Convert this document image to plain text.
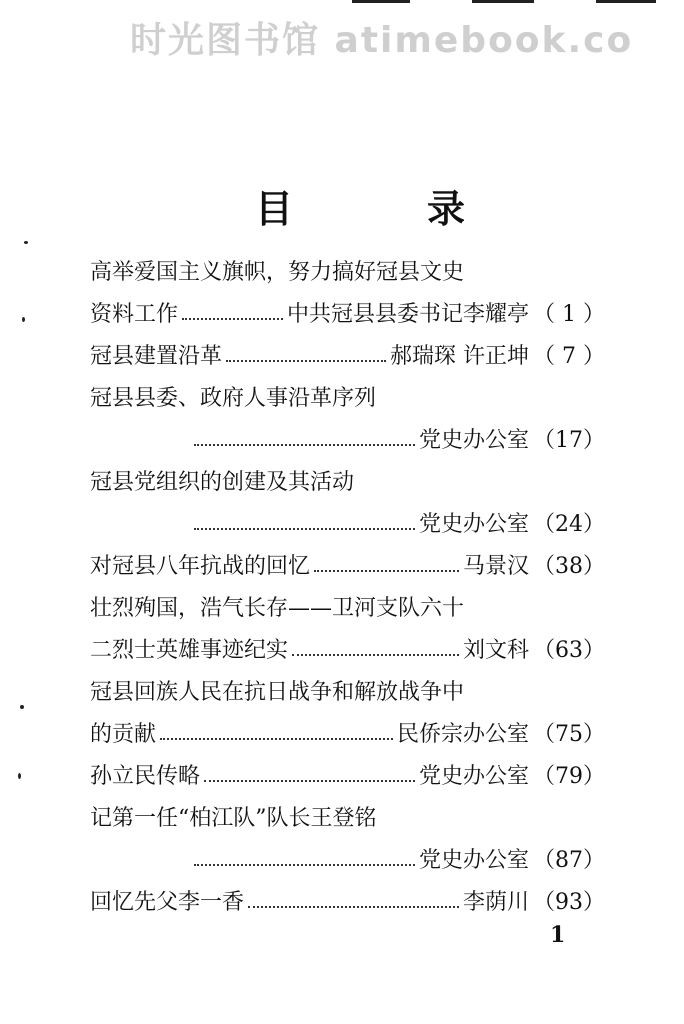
时光图书馆 atimebook.co
目	录
高举爱国主义旗帜，努力搞好冠县文史
资料工作	中共冠县县委书记李耀亭 （ 1 ）
冠县建置沿革	郝瑞琛 许正坤 （ 7 ）
冠县县委、政府人事沿革序列
党史办公室 （17）
冠县党组织的创建及其活动
党史办公室 （24）
对冠县八年抗战的回忆	马景汉 （38）
壮烈殉国，浩气长存——卫河支队六十
二烈士英雄事迹纪实	刘文科 （63）
冠县回族人民在抗日战争和解放战争中
的贡献	民侨宗办公室 （75）
孙立民传略	党史办公室 （79）
记第一任“柏江队”队长王登铭
党史办公室 （87）
回忆先父李一香	李荫川 （93）
1
